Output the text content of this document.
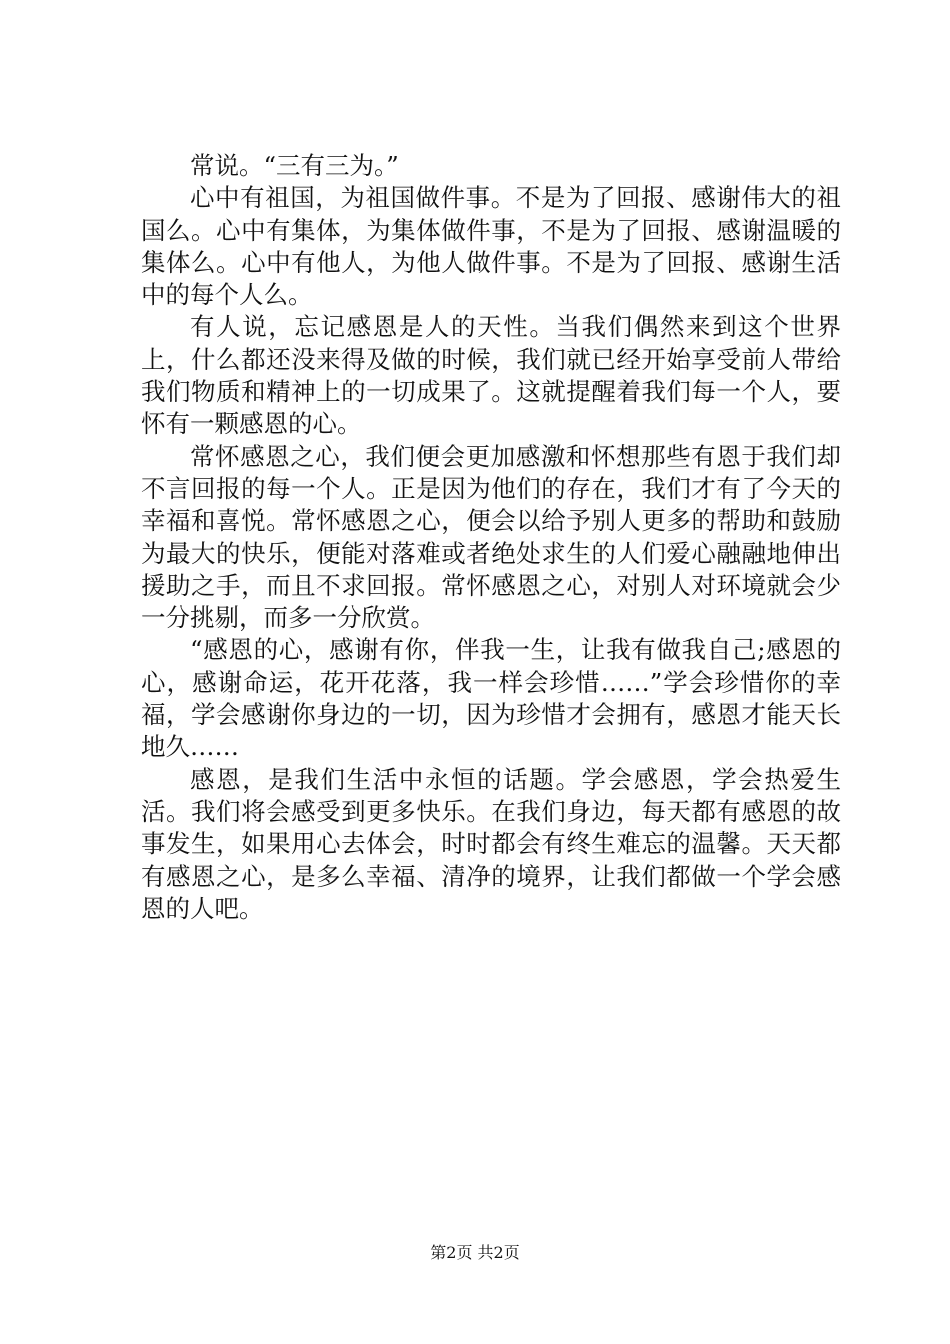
常说。“三有三为。”

心中有祖国，为祖国做件事。不是为了回报、感谢伟大的祖国么。心中有集体，为集体做件事，不是为了回报、感谢温暖的集体么。心中有他人，为他人做件事。不是为了回报、感谢生活中的每个人么。

有人说，忘记感恩是人的天性。当我们偶然来到这个世界上，什么都还没来得及做的时候，我们就已经开始享受前人带给我们物质和精神上的一切成果了。这就提醒着我们每一个人，要怀有一颗感恩的心。

常怀感恩之心，我们便会更加感激和怀想那些有恩于我们却不言回报的每一个人。正是因为他们的存在，我们才有了今天的幸福和喜悦。常怀感恩之心，便会以给予别人更多的帮助和鼓励为最大的快乐，便能对落难或者绝处求生的人们爱心融融地伸出援助之手，而且不求回报。常怀感恩之心，对别人对环境就会少一分挑剔，而多一分欣赏。

“感恩的心，感谢有你，伴我一生，让我有做我自己;感恩的心，感谢命运，花开花落，我一样会珍惜……”学会珍惜你的幸福，学会感谢你身边的一切，因为珍惜才会拥有，感恩才能天长地久……

感恩，是我们生活中永恒的话题。学会感恩，学会热爱生活。我们将会感受到更多快乐。在我们身边，每天都有感恩的故事发生，如果用心去体会，时时都会有终生难忘的温馨。天天都有感恩之心，是多么幸福、清净的境界，让我们都做一个学会感恩的人吧。

第2页 共2页
